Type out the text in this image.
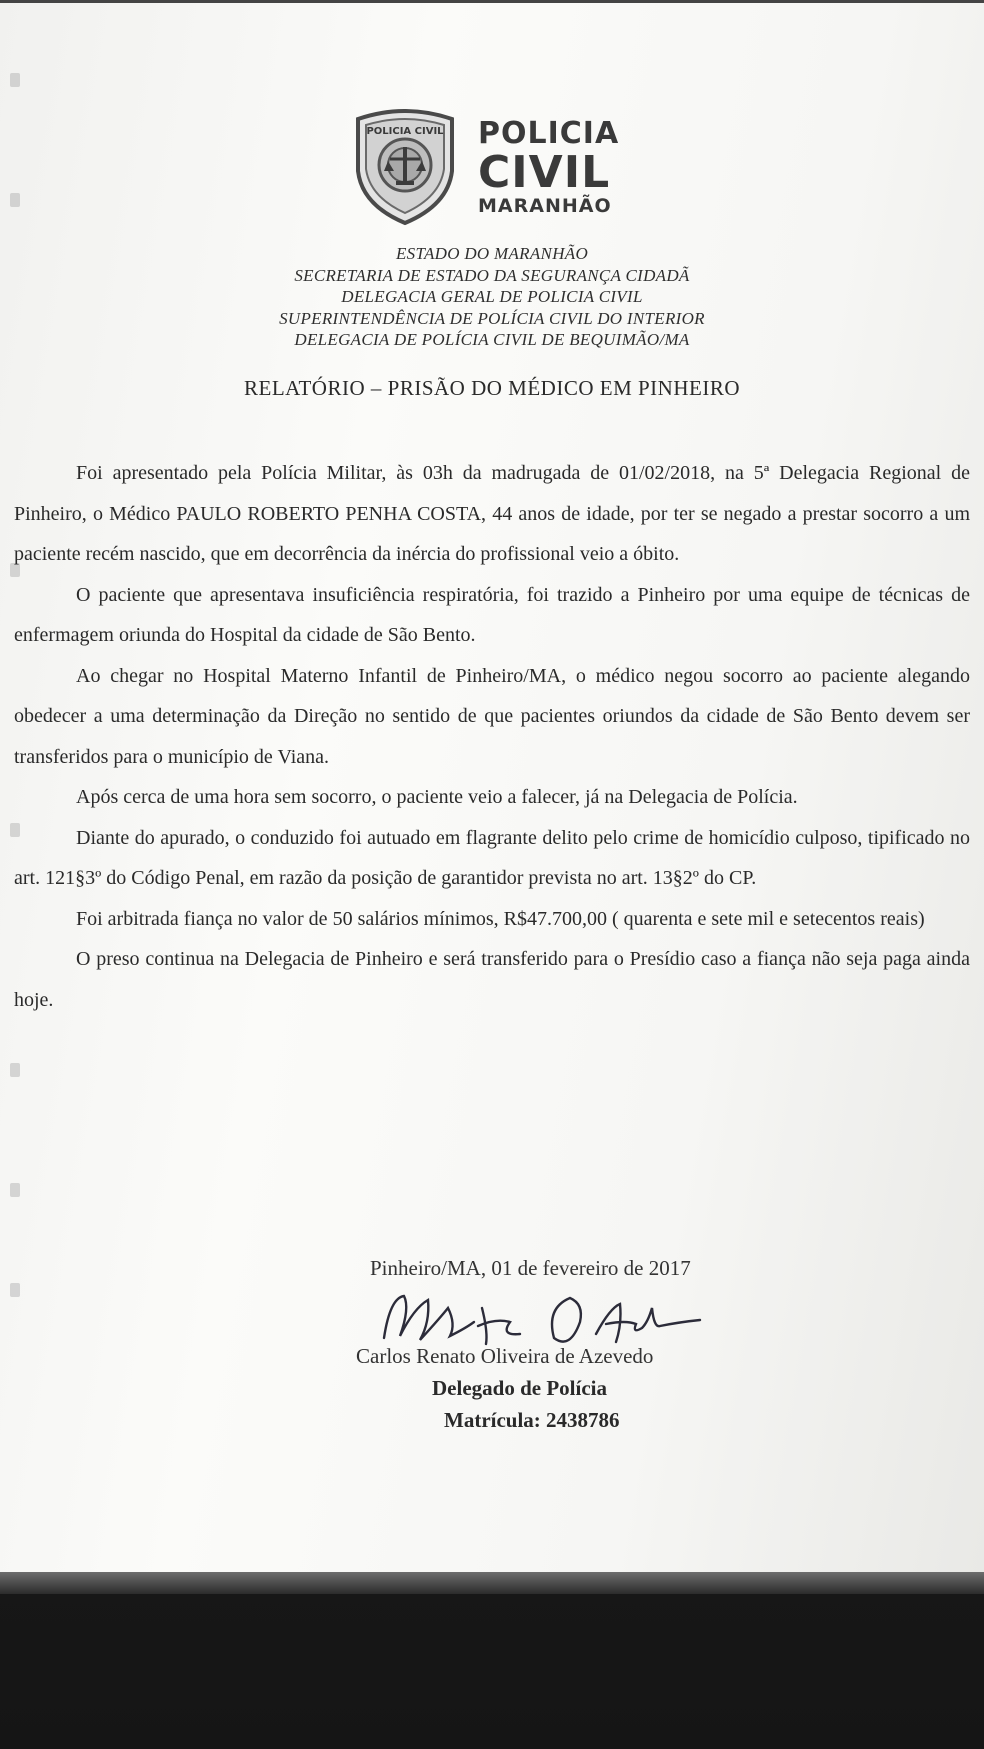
POLICIA CIVIL POLICIA
CIVIL
MARANHÃO
ESTADO DO MARANHÃO
SECRETARIA DE ESTADO DA SEGURANÇA CIDADÃ
DELEGACIA GERAL DE POLICIA CIVIL
SUPERINTENDÊNCIA DE POLÍCIA CIVIL DO INTERIOR
DELEGACIA DE POLÍCIA CIVIL DE BEQUIMÃO/MA
RELATÓRIO – PRISÃO DO MÉDICO EM PINHEIRO

Foi apresentado pela Polícia Militar, às 03h da madrugada de 01/02/2018, na 5ª Delegacia Regional de Pinheiro, o Médico PAULO ROBERTO PENHA COSTA, 44 anos de idade, por ter se negado a prestar socorro a um paciente recém nascido, que em decorrência da inércia do profissional veio a óbito.

O paciente que apresentava insuficiência respiratória, foi trazido a Pinheiro por uma equipe de técnicas de enfermagem oriunda do Hospital da cidade de São Bento.

Ao chegar no Hospital Materno Infantil de Pinheiro/MA, o médico negou socorro ao paciente alegando obedecer a uma determinação da Direção no sentido de que pacientes oriundos da cidade de São Bento devem ser transferidos para o município de Viana.

Após cerca de uma hora sem socorro, o paciente veio a falecer, já na Delegacia de Polícia.

Diante do apurado, o conduzido foi autuado em flagrante delito pelo crime de homicídio culposo, tipificado no art. 121§3º do Código Penal, em razão da posição de garantidor prevista no art. 13§2º do CP.

Foi arbitrada fiança no valor de 50 salários mínimos, R$47.700,00 ( quarenta e sete mil e setecentos reais)

O preso continua na Delegacia de Pinheiro e será transferido para o Presídio caso a fiança não seja paga ainda hoje.

Pinheiro/MA, 01 de fevereiro de 2017
Carlos Renato Oliveira de Azevedo
Delegado de Polícia
Matrícula: 2438786
